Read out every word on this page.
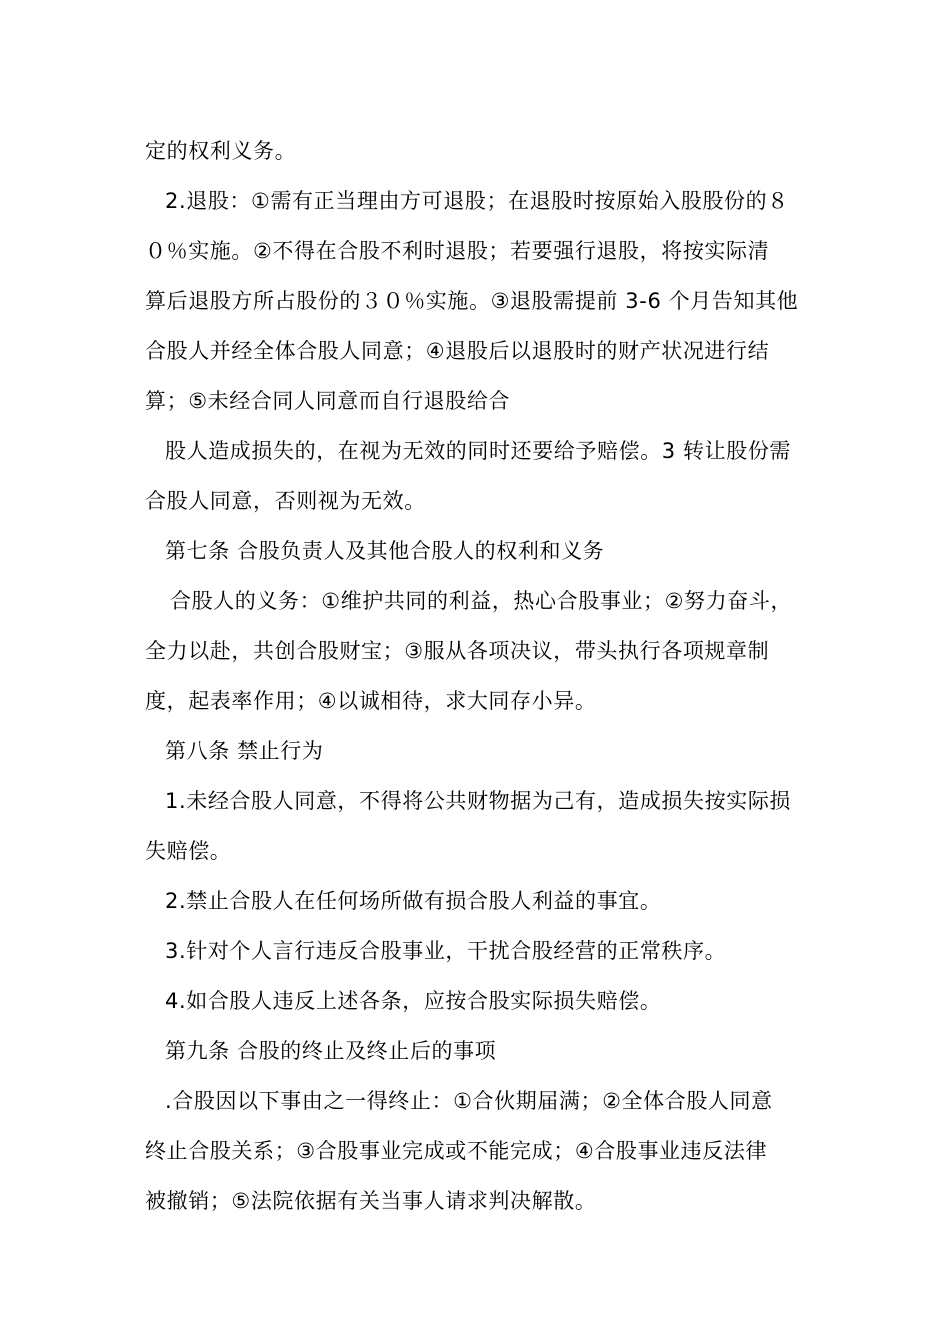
定的权利义务。
2.退股：①需有正当理由方可退股；在退股时按原始入股股份的８
０％实施。②不得在合股不利时退股；若要强行退股，将按实际清
算后退股方所占股份的３０％实施。③退股需提前 3-6 个月告知其他
合股人并经全体合股人同意；④退股后以退股时的财产状况进行结
算；⑤未经合同人同意而自行退股给合
股人造成损失的，在视为无效的同时还要给予赔偿。3 转让股份需
合股人同意，否则视为无效。
第七条 合股负责人及其他合股人的权利和义务
合股人的义务：①维护共同的利益，热心合股事业；②努力奋斗，
全力以赴，共创合股财宝；③服从各项决议，带头执行各项规章制
度，起表率作用；④以诚相待，求大同存小异。
第八条 禁止行为
1.未经合股人同意，不得将公共财物据为己有，造成损失按实际损
失赔偿。
2.禁止合股人在任何场所做有损合股人利益的事宜。
3.针对个人言行违反合股事业，干扰合股经营的正常秩序。
4.如合股人违反上述各条，应按合股实际损失赔偿。
第九条 合股的终止及终止后的事项
.合股因以下事由之一得终止：①合伙期届满；②全体合股人同意
终止合股关系；③合股事业完成或不能完成；④合股事业违反法律
被撤销；⑤法院依据有关当事人请求判决解散。
